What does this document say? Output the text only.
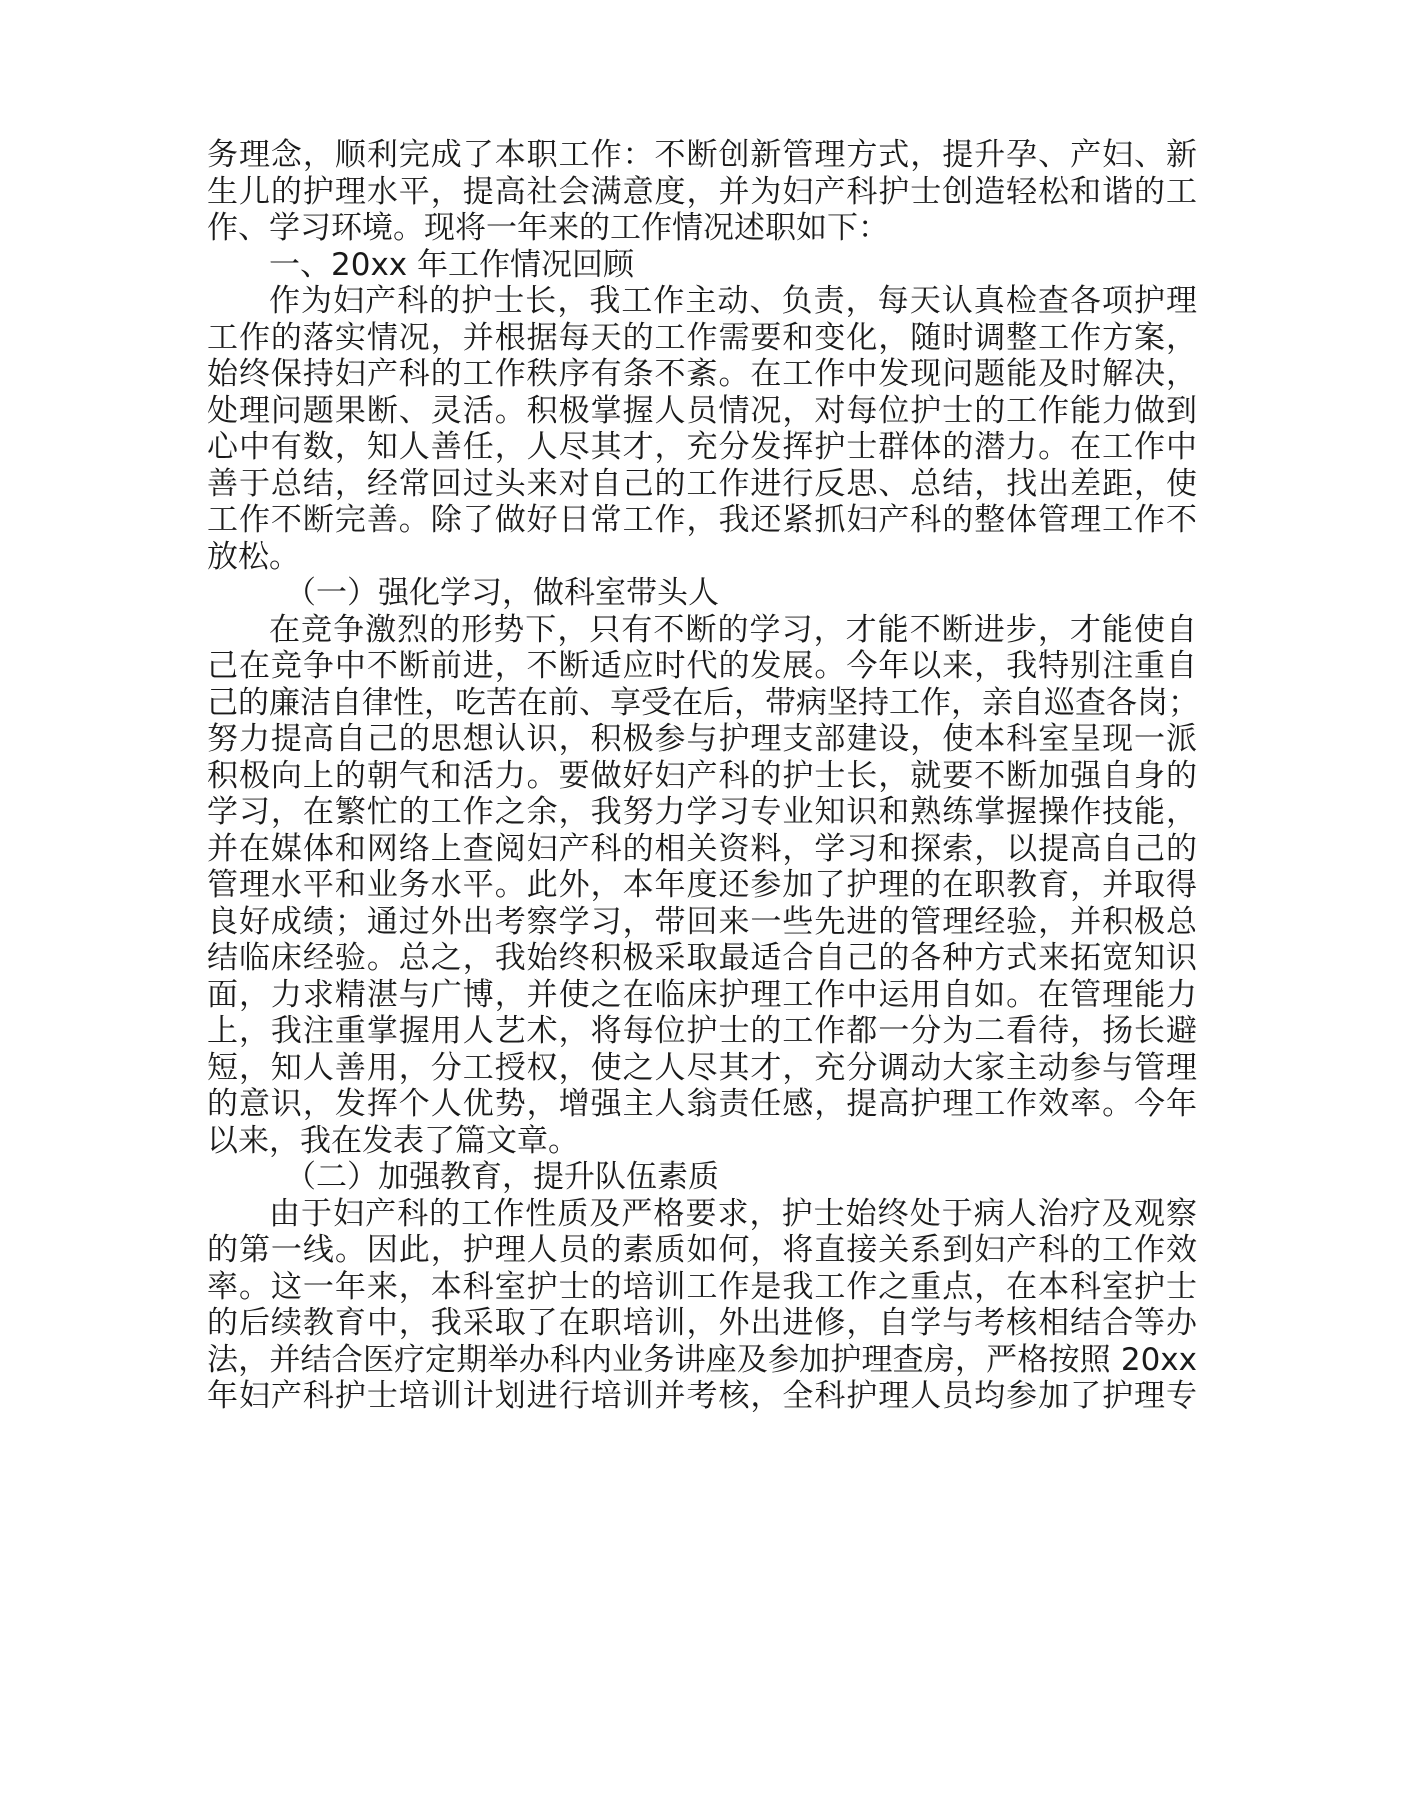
务理念，顺利完成了本职工作：不断创新管理方式，提升孕、产妇、新
生儿的护理水平，提高社会满意度，并为妇产科护士创造轻松和谐的工
作、学习环境。现将一年来的工作情况述职如下：
一、20xx 年工作情况回顾
作为妇产科的护士长，我工作主动、负责，每天认真检查各项护理
工作的落实情况，并根据每天的工作需要和变化，随时调整工作方案，
始终保持妇产科的工作秩序有条不紊。在工作中发现问题能及时解决，
处理问题果断、灵活。积极掌握人员情况，对每位护士的工作能力做到
心中有数，知人善任，人尽其才，充分发挥护士群体的潜力。在工作中
善于总结，经常回过头来对自己的工作进行反思、总结，找出差距，使
工作不断完善。除了做好日常工作，我还紧抓妇产科的整体管理工作不
放松。
（一）强化学习，做科室带头人
在竞争激烈的形势下，只有不断的学习，才能不断进步，才能使自
己在竞争中不断前进，不断适应时代的发展。今年以来，我特别注重自
己的廉洁自律性，吃苦在前、享受在后，带病坚持工作，亲自巡查各岗；
努力提高自己的思想认识，积极参与护理支部建设，使本科室呈现一派
积极向上的朝气和活力。要做好妇产科的护士长，就要不断加强自身的
学习，在繁忙的工作之余，我努力学习专业知识和熟练掌握操作技能，
并在媒体和网络上查阅妇产科的相关资料，学习和探索，以提高自己的
管理水平和业务水平。此外，本年度还参加了护理的在职教育，并取得
良好成绩；通过外出考察学习，带回来一些先进的管理经验，并积极总
结临床经验。总之，我始终积极采取最适合自己的各种方式来拓宽知识
面，力求精湛与广博，并使之在临床护理工作中运用自如。在管理能力
上，我注重掌握用人艺术，将每位护士的工作都一分为二看待，扬长避
短，知人善用，分工授权，使之人尽其才，充分调动大家主动参与管理
的意识，发挥个人优势，增强主人翁责任感，提高护理工作效率。今年
以来，我在发表了篇文章。
（二）加强教育，提升队伍素质
由于妇产科的工作性质及严格要求，护士始终处于病人治疗及观察
的第一线。因此，护理人员的素质如何，将直接关系到妇产科的工作效
率。这一年来，本科室护士的培训工作是我工作之重点，在本科室护士
的后续教育中，我采取了在职培训，外出进修，自学与考核相结合等办
法，并结合医疗定期举办科内业务讲座及参加护理查房，严格按照 20xx
年妇产科护士培训计划进行培训并考核，全科护理人员均参加了护理专
